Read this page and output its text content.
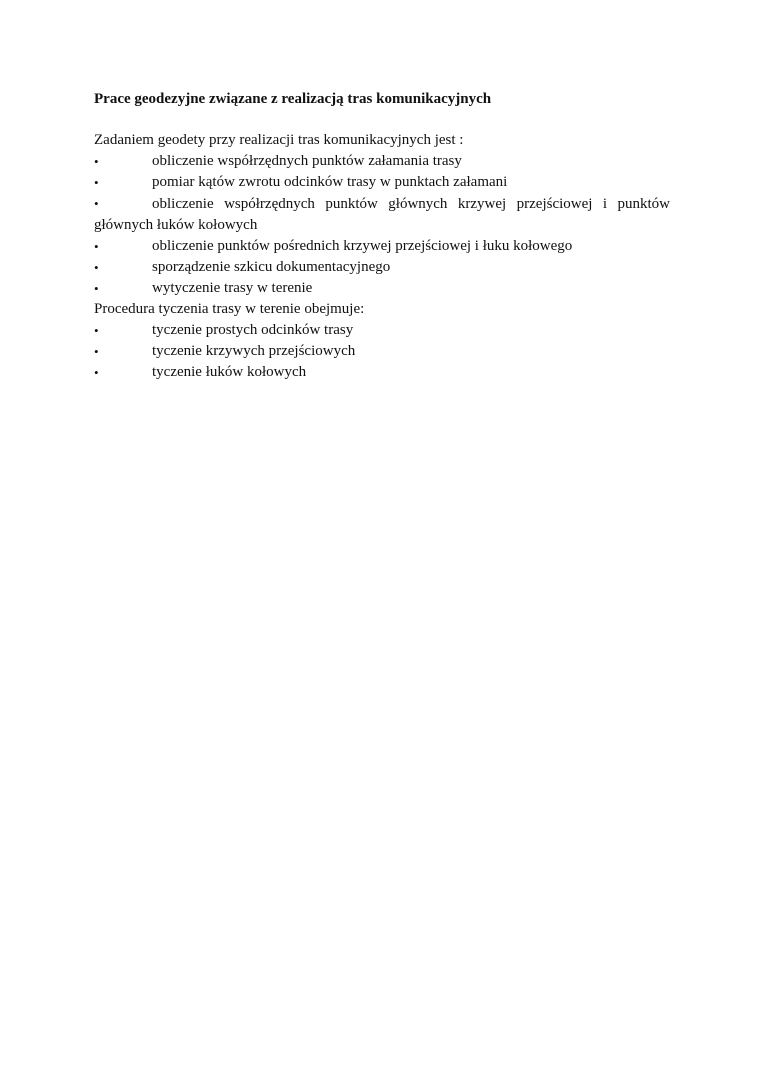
Prace geodezyjne związane z realizacją tras komunikacyjnych

Zadaniem geodety przy realizacji tras komunikacyjnych jest :

•	obliczenie współrzędnych punktów załamania trasy
•	pomiar kątów zwrotu odcinków trasy w punktach załamani
•	obliczenie współrzędnych punktów głównych krzywej przejściowej i punktów
głównych łuków kołowych
•	obliczenie punktów pośrednich krzywej przejściowej i łuku kołowego
•	sporządzenie szkicu dokumentacyjnego
•	wytyczenie trasy w terenie

Procedura tyczenia trasy w terenie obejmuje:

•	tyczenie prostych odcinków trasy
•	tyczenie krzywych przejściowych
•	tyczenie łuków kołowych
